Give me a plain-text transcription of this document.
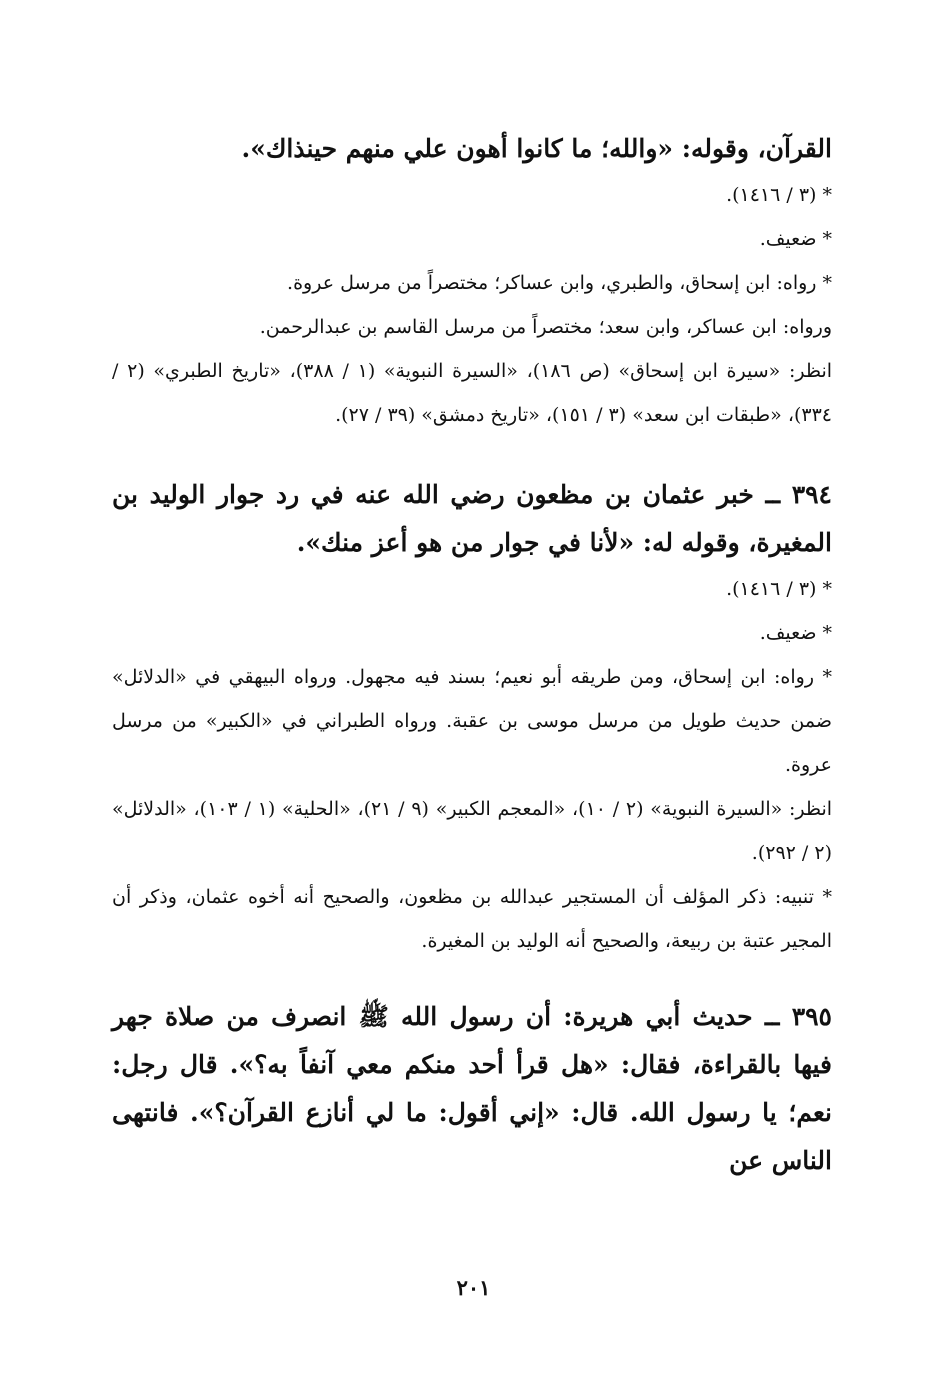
القرآن، وقوله: «والله؛ ما كانوا أهون علي منهم حينذاك».

* (٣ / ١٤١٦).

* ضعيف.

* رواه: ابن إسحاق، والطبري، وابن عساكر؛ مختصراً من مرسل عروة.

ورواه: ابن عساكر، وابن سعد؛ مختصراً من مرسل القاسم بن عبدالرحمن.

انظر: «سيرة ابن إسحاق» (ص ١٨٦)، «السيرة النبوية» (١ / ٣٨٨)، «تاريخ الطبري» (٢ / ٣٣٤)، «طبقات ابن سعد» (٣ / ١٥١)، «تاريخ دمشق» (٣٩ / ٢٧).

٣٩٤ ــ خبر عثمان بن مظعون رضي الله عنه في رد جوار الوليد بن المغيرة، وقوله له: «لأنا في جوار من هو أعز منك».

* (٣ / ١٤١٦).

* ضعيف.

* رواه: ابن إسحاق، ومن طريقه أبو نعيم؛ بسند فيه مجهول. ورواه البيهقي في «الدلائل» ضمن حديث طويل من مرسل موسى بن عقبة. ورواه الطبراني في «الكبير» من مرسل عروة.

انظر: «السيرة النبوية» (٢ / ١٠)، «المعجم الكبير» (٩ / ٢١)، «الحلية» (١ / ١٠٣)، «الدلائل» (٢ / ٢٩٢).

* تنبيه: ذكر المؤلف أن المستجير عبدالله بن مظعون، والصحيح أنه أخوه عثمان، وذكر أن المجير عتبة بن ربيعة، والصحيح أنه الوليد بن المغيرة.

٣٩٥ ــ حديث أبي هريرة: أن رسول الله ﷺ انصرف من صلاة جهر فيها بالقراءة، فقال: «هل قرأ أحد منكم معي آنفاً به؟». قال رجل: نعم؛ يا رسول الله. قال: «إني أقول: ما لي أنازع القرآن؟». فانتهى الناس عن

٢٠١
